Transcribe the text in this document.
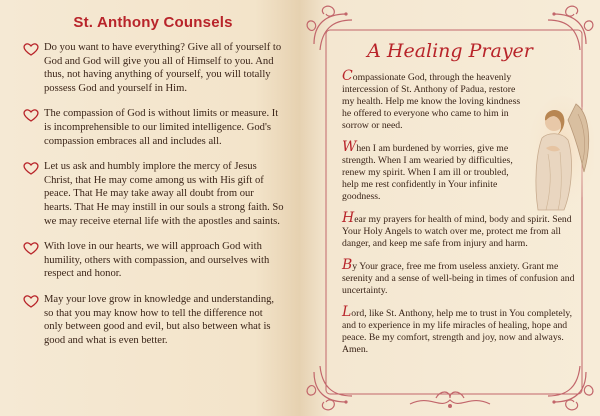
St. Anthony Counsels
Do you want to have everything? Give all of yourself to God and God will give you all of Himself to you. And thus, not having anything of yourself, you will totally possess God and yourself in Him.
The compassion of God is without limits or measure. It is incomprehensible to our limited intelligence. God's compassion embraces all and includes all.
Let us ask and humbly implore the mercy of Jesus Christ, that He may come among us with His gift of peace. That He may take away all doubt from our hearts. That He may instill in our souls a strong faith. So we may receive eternal life with the apostles and saints.
With love in our hearts, we will approach God with humility, others with compassion, and ourselves with respect and honor.
May your love grow in knowledge and understanding, so that you may know how to tell the difference not only between good and evil, but also between what is good and what is even better.
A Healing Prayer

Compassionate God, through the heavenly intercession of St. Anthony of Padua, restore my health. Help me know the loving kindness he offered to everyone who came to him in sorrow or need.

When I am burdened by worries, give me strength. When I am wearied by difficulties, renew my spirit. When I am ill or troubled, help me rest confidently in Your infinite goodness.

Hear my prayers for health of mind, body and spirit. Send Your Holy Angels to watch over me, protect me from all danger, and keep me safe from injury and harm.

By Your grace, free me from useless anxiety. Grant me serenity and a sense of well-being in times of confusion and uncertainty.

Lord, like St. Anthony, help me to trust in You completely, and to experience in my life miracles of healing, hope and peace. Be my comfort, strength and joy, now and always. Amen.
